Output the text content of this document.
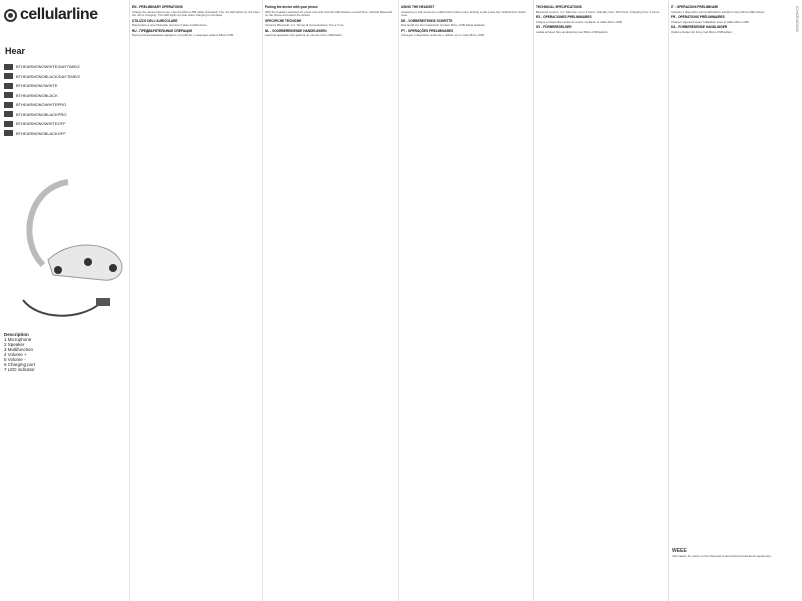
cellularline
Hear
BTHEARMONOWHITE/DAYTIME/Z
BTHEARMONOBLACK/DAYTIME/Z
BTHEARMONOWHITE
BTHEARMONOBLACK
BTHEARMONOWHITEPRO
BTHEARMONOBLACKPRO
BTHEARMONOWHITEOFF
BTHEARMONOBLACKOFF
Description
1 Microphone
2 Speaker
3 Multifunction
4 Volume +
5 Volume -
6 Charging port
7 LED indicator
EN - PRELIMINARY OPERATIONS

Charge the device before use. Use the Micro-USB cable (included). The red LED lights up red when the unit is charging. The LED lights up blue when charging is complete.

UTILIZZO DELL'AURICOLARE

Rispondere a una chiamata: premere il tasto multifunzione.

RU - ПРЕДВАРИТЕЛЬНЫЕ ОПЕРАЦИИ

Перед использованием зарядите устройство с помощью кабеля Micro-USB.

Pairing the device with your phone

With the headset switched off, press and hold until the LED flashes red and blue. Activate Bluetooth on the phone and select the device.

SPECIFICHE TECNICHE

Versione Bluetooth: 4.1. Tempo di conversazione: fino a 6 ore.

NL - VOORBEREIDENDE HANDELINGEN

Laad het apparaat vóór gebruik op met de micro-USB-kabel.

USING THE HEADSET

Answering a call: press the multifunction button once. Ending a call: press the multifunction button once.

DE - VORBEREITENDE SCHRITTE

Das Gerät vor dem Gebrauch mit dem Micro-USB-Kabel aufladen.

PT - OPERAÇÕES PRELIMINARES

Carregue o dispositivo antes de o utilizar com o cabo Micro-USB.

TECHNICAL SPECIFICATIONS

Bluetooth version: 4.1. Talk time: up to 6 hours. Standby time: 150 hours. Charging time: 2 hours.

ES - OPERACIONES PRELIMINARES

Cargue el dispositivo antes de usarlo mediante el cable Micro-USB.

SV - FÖRBEREDELSER

Ladda enheten före användning med Micro-USB-kabeln.

IT - OPERAZIONI PRELIMINARI

Caricare il dispositivo prima dell'utilizzo tramite il cavo Micro-USB incluso.

FR - OPÉRATIONS PRÉLIMINAIRES

Chargez l'appareil avant l'utilisation avec le câble Micro-USB.

DA - FORBEREDENDE HANDLINGER

Oplad enheden før brug med Micro-USB-kablet.

WEEE
Information for users on the disposal of electrical and electronic equipment.
ICHARMO/GB
